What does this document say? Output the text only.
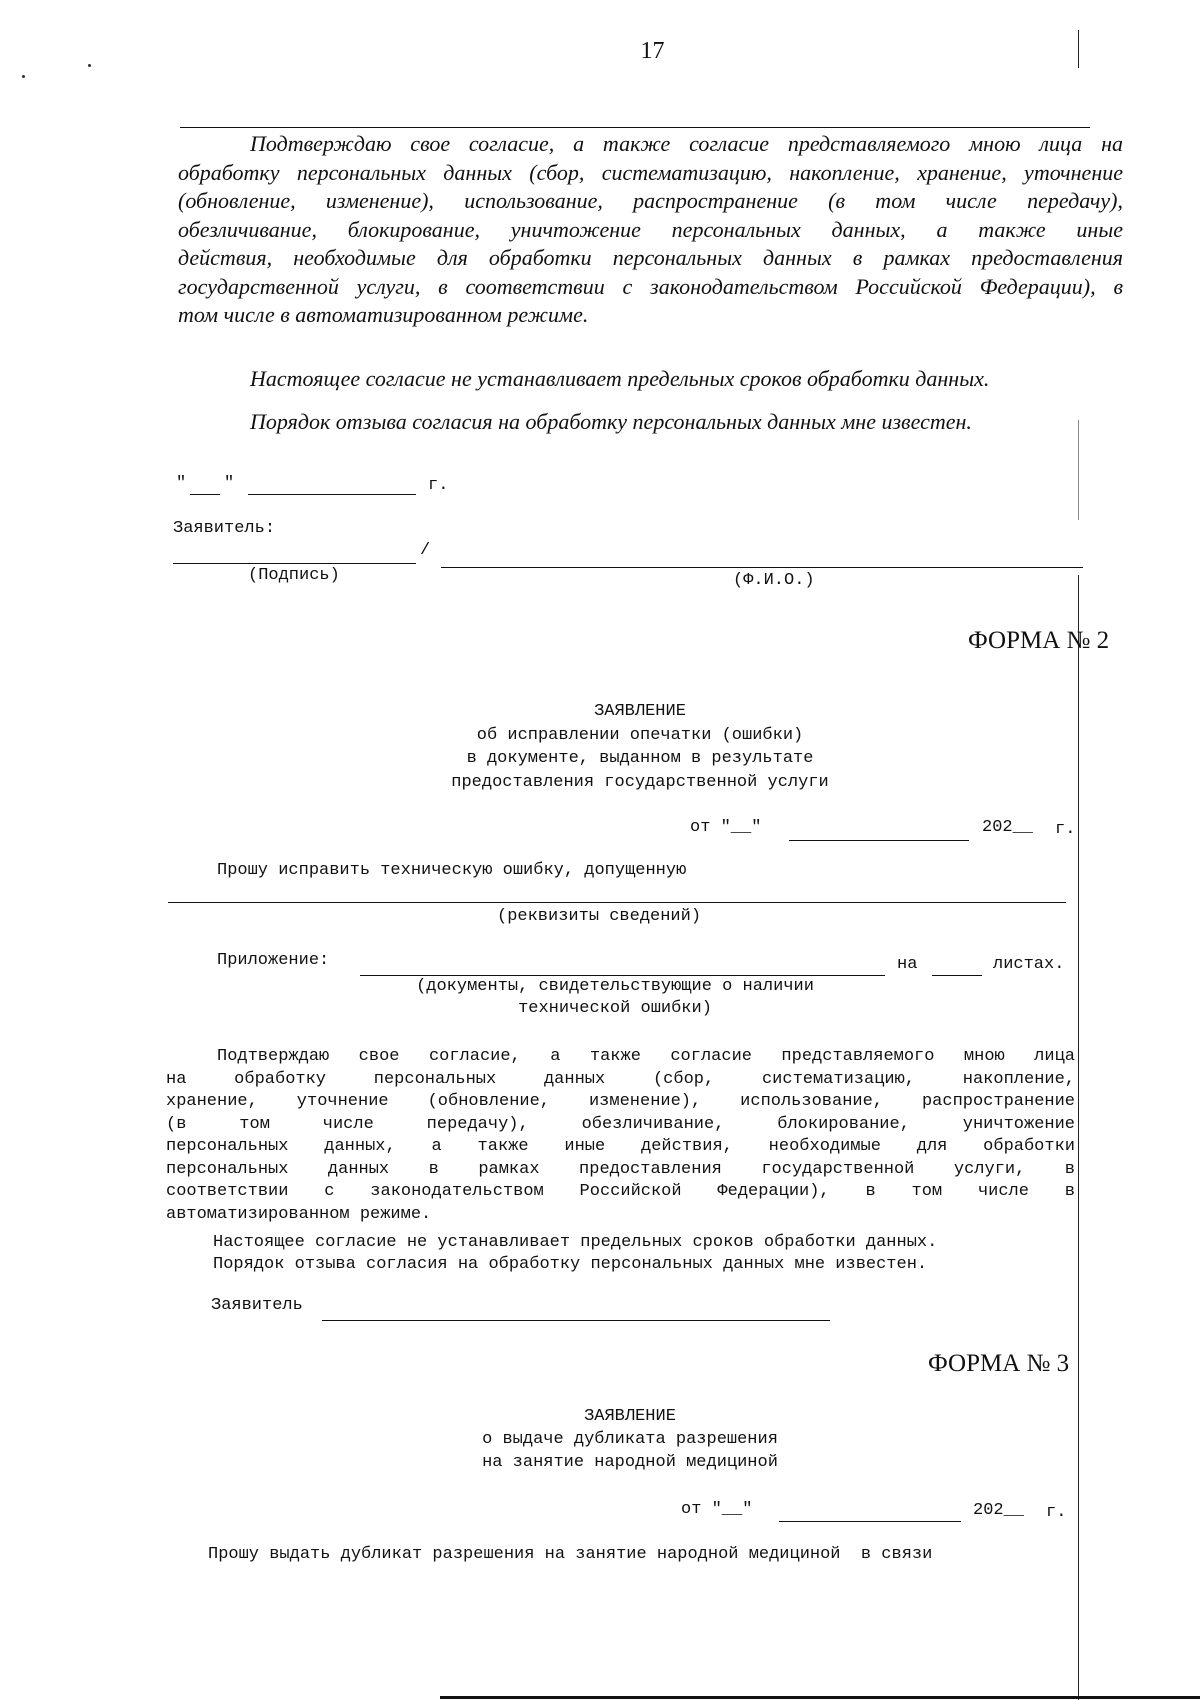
17
Подтверждаю свое согласие, а также согласие представляемого мною лица на
обработку персональных данных (сбор, систематизацию, накопление, хранение, уточнение
(обновление, изменение), использование, распространение (в том числе передачу),
обезличивание, блокирование, уничтожение персональных данных, а также иные
действия, необходимые для обработки персональных данных в рамках предоставления
государственной услуги, в соответствии с законодательством Российской Федерации), в
том числе в автоматизированном режиме.
Настоящее согласие не устанавливает предельных сроков обработки данных.
Порядок отзыва согласия на обработку персональных данных мне известен.
" "	г.
Заявитель:
/
(Подпись)	(Ф.И.О.)
ФОРМА № 2
ЗАЯВЛЕНИЕ
об исправлении опечатки (ошибки)
в документе, выданном в результате
предоставления государственной услуги
от "__"	202__ г.
Прошу исправить техническую ошибку, допущенную
(реквизиты сведений)
Приложение:	на	листах.
(документы, свидетельствующие о наличии
технической ошибки)
Подтверждаю свое согласие, а также согласие представляемого мною лица
на обработку персональных данных (сбор, систематизацию, накопление,
хранение, уточнение (обновление, изменение), использование, распространение
(в том числе передачу), обезличивание, блокирование, уничтожение
персональных данных, а также иные действия, необходимые для обработки
персональных данных в рамках предоставления государственной услуги, в
соответствии с законодательством Российской Федерации), в том числе в
автоматизированном режиме.
Настоящее согласие не устанавливает предельных сроков обработки данных.
Порядок отзыва согласия на обработку персональных данных мне известен.
Заявитель
ФОРМА № 3
ЗАЯВЛЕНИЕ
о выдаче дубликата разрешения
на занятие народной медициной
от "__"	202__ г.
Прошу выдать дубликат разрешения на занятие народной медициной  в связи
